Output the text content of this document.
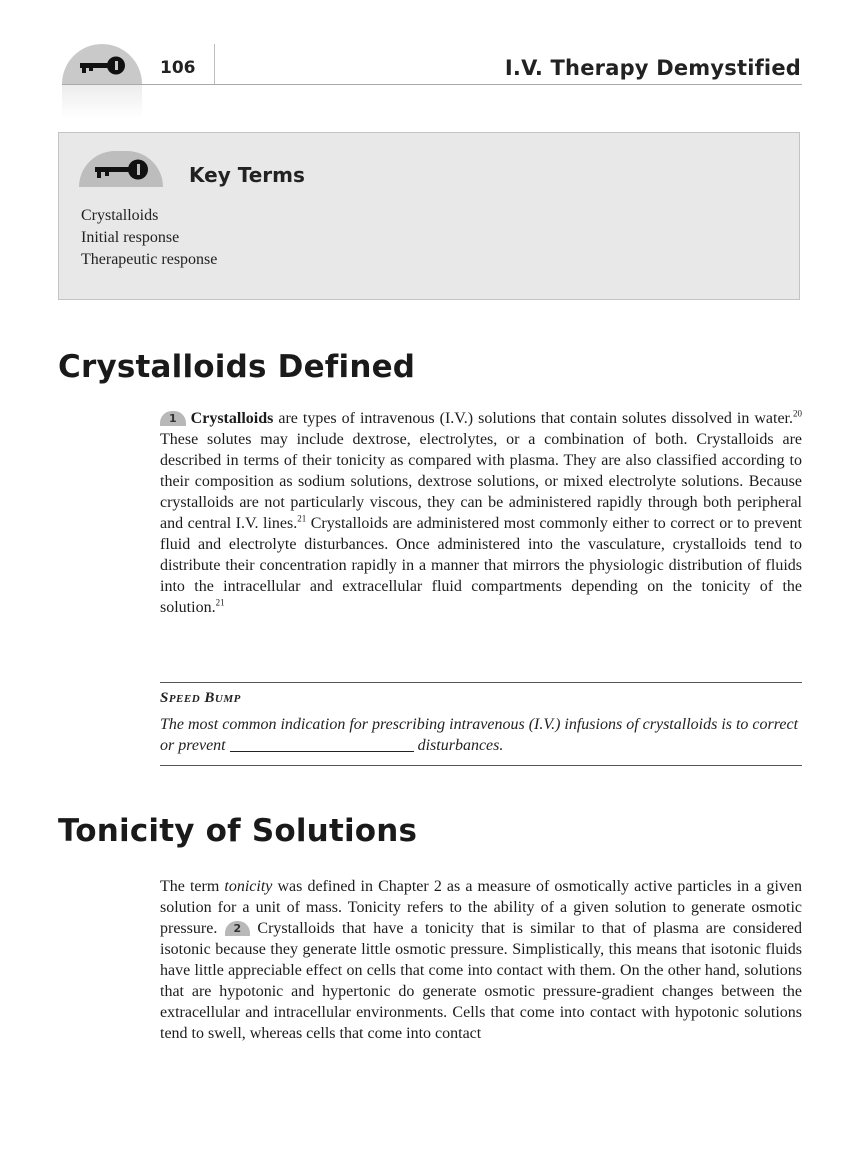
106	I.V. Therapy Demystified
Key Terms
Crystalloids
Initial response
Therapeutic response
Crystalloids Defined

1 Crystalloids are types of intravenous (I.V.) solutions that contain solutes dissolved in water.$^{20}$ These solutes may include dextrose, electrolytes, or a combination of both. Crystalloids are described in terms of their tonicity as compared with plasma. They are also classified according to their composition as sodium solutions, dextrose solutions, or mixed electrolyte solutions. Because crystalloids are not particularly viscous, they can be administered rapidly through both peripheral and central I.V. lines.$^{21}$ Crystalloids are administered most commonly either to correct or to prevent fluid and electrolyte disturbances. Once administered into the vasculature, crystalloids tend to distribute their concentration rapidly in a manner that mirrors the physiologic distribution of fluids into the intracellular and extracellular fluid compartments depending on the tonicity of the solution.$^{21}$

Speed Bump

The most common indication for prescribing intravenous (I.V.) infusions of crystalloids is to correct or prevent	disturbances.

Tonicity of Solutions

The term tonicity was defined in Chapter 2 as a measure of osmotically active particles in a given solution for a unit of mass. Tonicity refers to the ability of a given solution to generate osmotic pressure. 2 Crystalloids that have a tonicity that is similar to that of plasma are considered isotonic because they generate little osmotic pressure. Simplistically, this means that isotonic fluids have little appreciable effect on cells that come into contact with them. On the other hand, solutions that are hypotonic and hypertonic do generate osmotic pressure-gradient changes between the extracellular and intracellular environments. Cells that come into contact with hypotonic solutions tend to swell, whereas cells that come into contact
